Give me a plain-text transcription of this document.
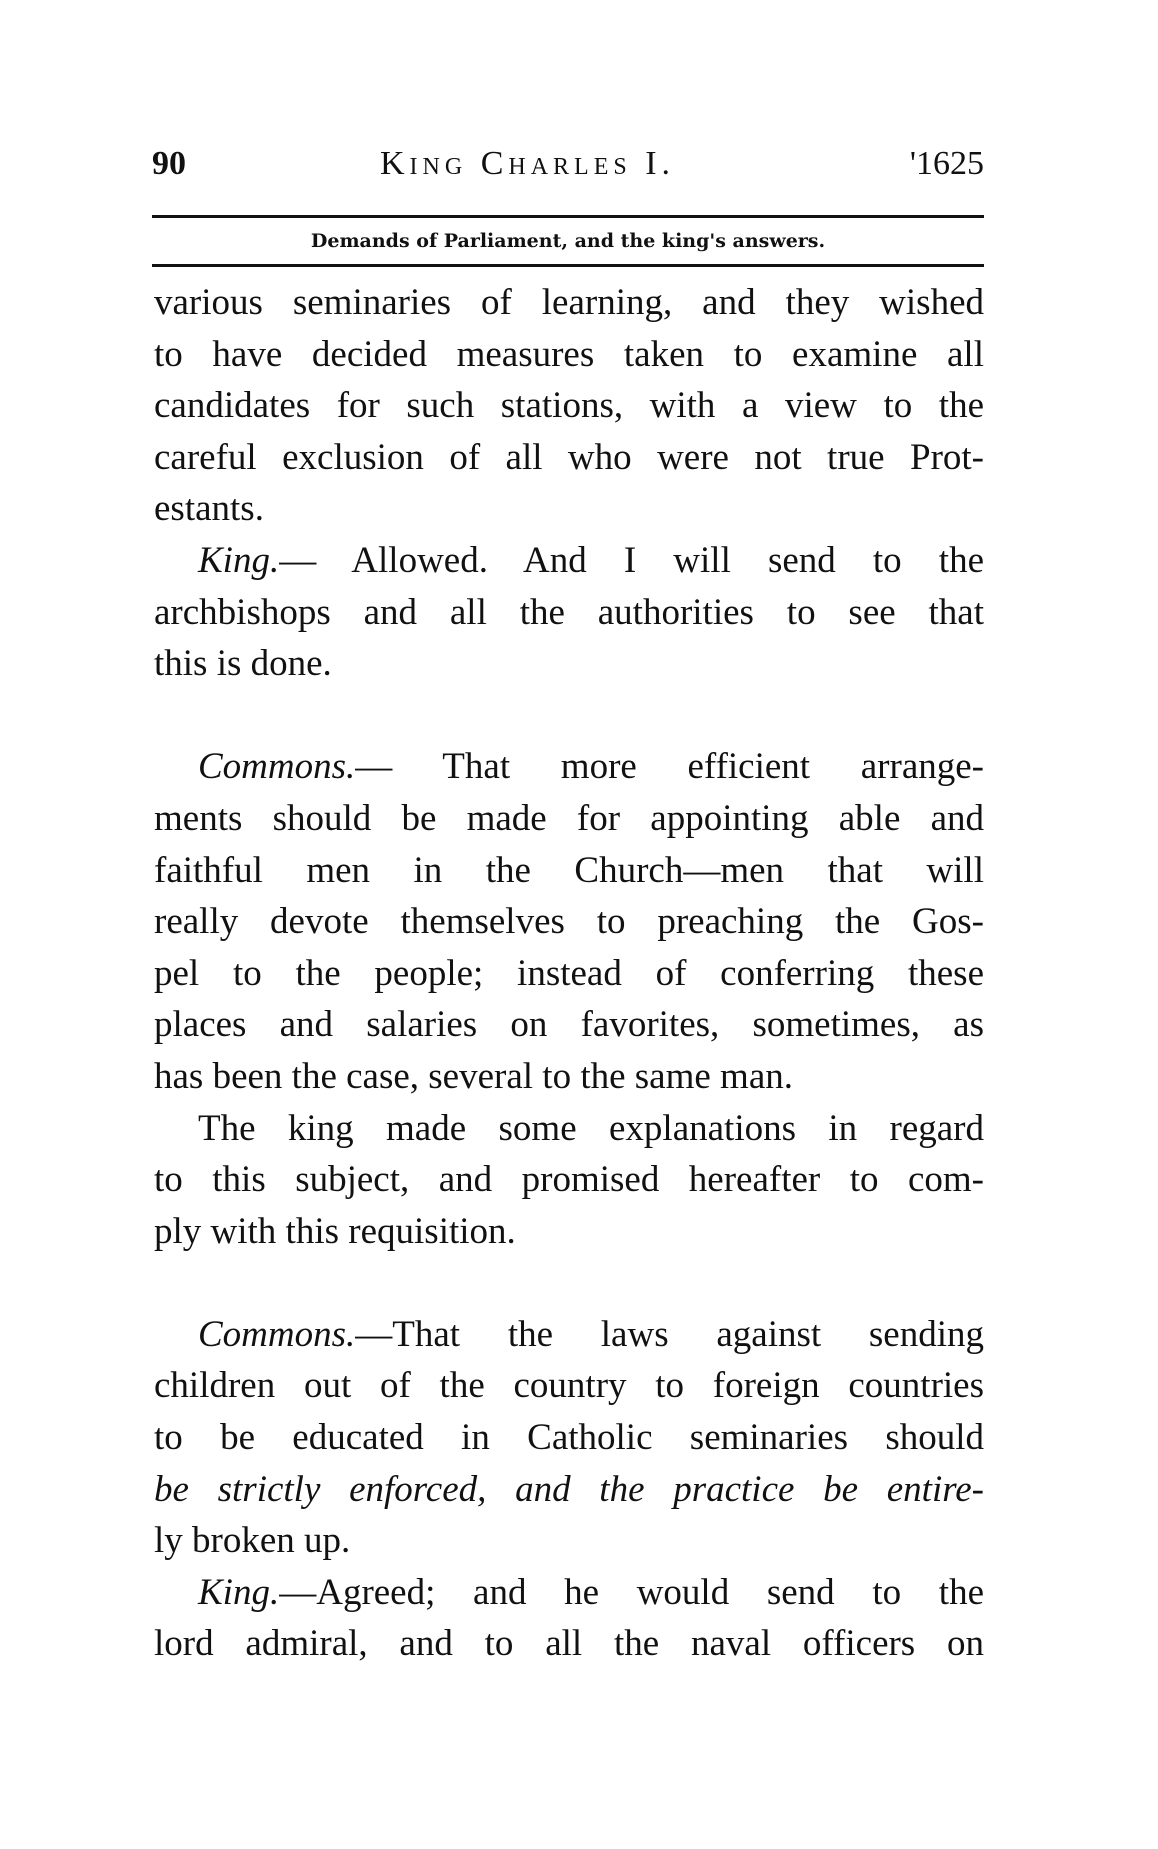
90	King Charles I.	'1625
Demands of Parliament, and the king's answers.
various seminaries of learning, and they wished
to have decided measures taken to examine all
candidates for such stations, with a view to the
careful exclusion of all who were not true Prot-
estants.
King.— Allowed. And I will send to the
archbishops and all the authorities to see that
this is done.
Commons.— That more efficient arrange-
ments should be made for appointing able and
faithful men in the Church—men that will
really devote themselves to preaching the Gos-
pel to the people; instead of conferring these
places and salaries on favorites, sometimes, as
has been the case, several to the same man.
The king made some explanations in regard
to this subject, and promised hereafter to com-
ply with this requisition.
Commons.—That the laws against sending
children out of the country to foreign countries
to be educated in Catholic seminaries should
be strictly enforced, and the practice be entire-
ly broken up.
King.—Agreed; and he would send to the
lord admiral, and to all the naval officers on
